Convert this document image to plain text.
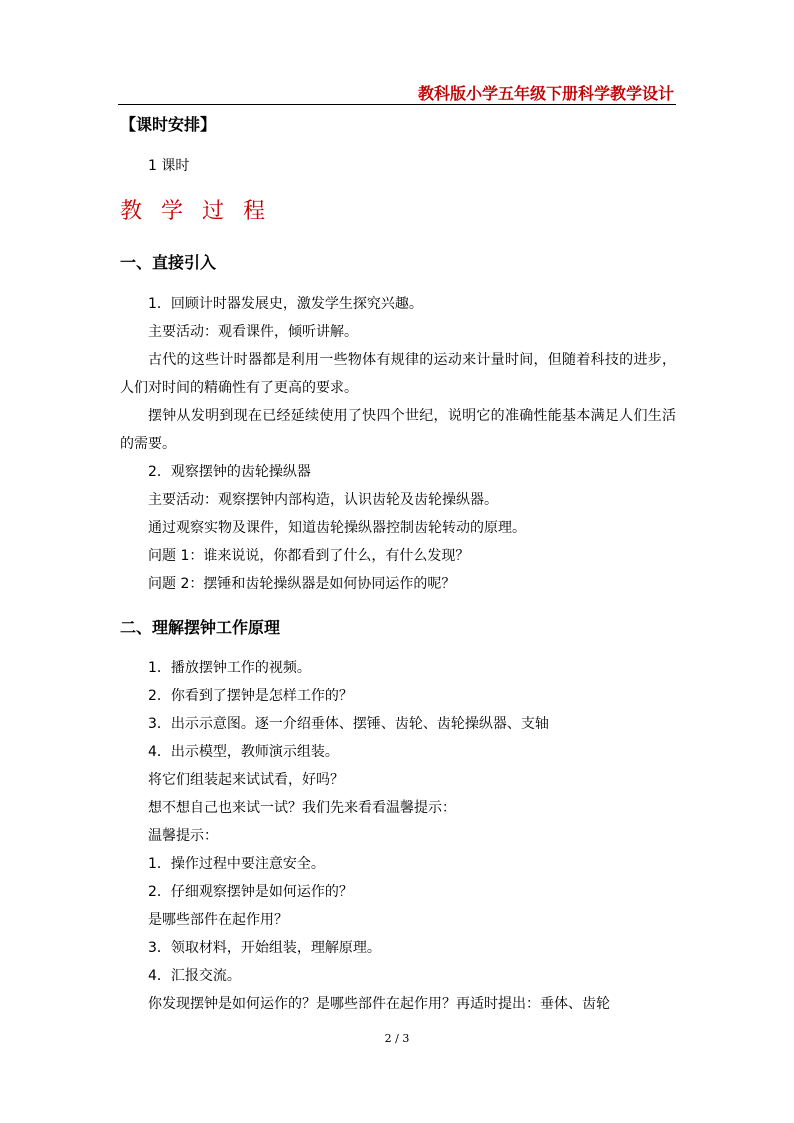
教科版小学五年级下册科学教学设计
【课时安排】

1 课时

教 学 过 程
一、直接引入

1．回顾计时器发展史，激发学生探究兴趣。

主要活动：观看课件，倾听讲解。

古代的这些计时器都是利用一些物体有规律的运动来计量时间，但随着科技的进步，人们对时间的精确性有了更高的要求。

摆钟从发明到现在已经延续使用了快四个世纪，说明它的准确性能基本满足人们生活的需要。

2．观察摆钟的齿轮操纵器

主要活动：观察摆钟内部构造，认识齿轮及齿轮操纵器。

通过观察实物及课件，知道齿轮操纵器控制齿轮转动的原理。

问题 1：谁来说说，你都看到了什么，有什么发现？

问题 2：摆锤和齿轮操纵器是如何协同运作的呢？

二、理解摆钟工作原理

1．播放摆钟工作的视频。

2．你看到了摆钟是怎样工作的？

3．出示示意图。逐一介绍垂体、摆锤、齿轮、齿轮操纵器、支轴

4．出示模型，教师演示组装。

将它们组装起来试试看，好吗？

想不想自己也来试一试？我们先来看看温馨提示：

温馨提示：

1．操作过程中要注意安全。

2．仔细观察摆钟是如何运作的？

是哪些部件在起作用？

3．领取材料，开始组装，理解原理。

4．汇报交流。

你发现摆钟是如何运作的？是哪些部件在起作用？再适时提出：垂体、齿轮

2 / 3
